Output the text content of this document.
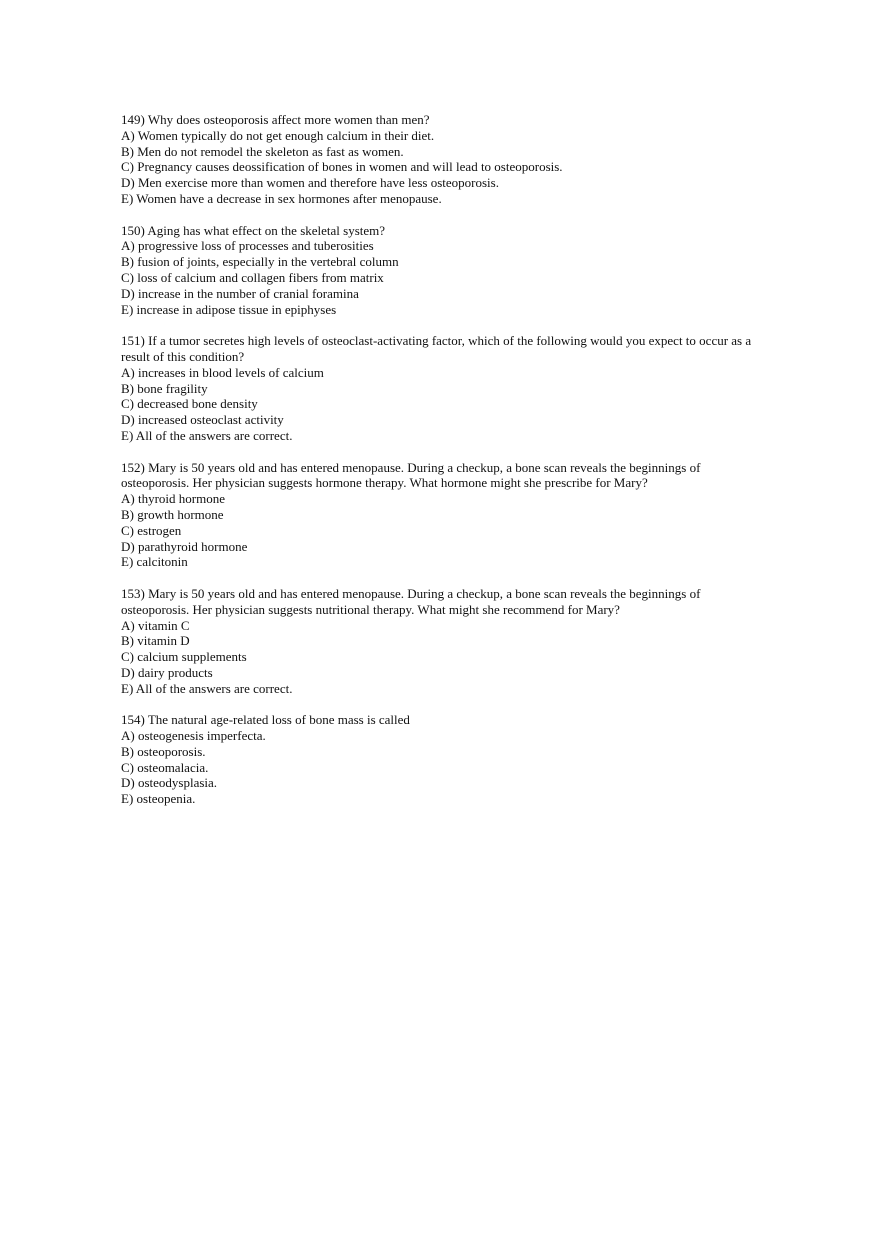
149) Why does osteoporosis affect more women than men?

A) Women typically do not get enough calcium in their diet.

B) Men do not remodel the skeleton as fast as women.

C) Pregnancy causes deossification of bones in women and will lead to osteoporosis.

D) Men exercise more than women and therefore have less osteoporosis.

E) Women have a decrease in sex hormones after menopause.

150) Aging has what effect on the skeletal system?

A) progressive loss of processes and tuberosities

B) fusion of joints, especially in the vertebral column

C) loss of calcium and collagen fibers from matrix

D) increase in the number of cranial foramina

E) increase in adipose tissue in epiphyses

151) If a tumor secretes high levels of osteoclast-activating factor, which of the following would you expect to occur as a result of this condition?

A) increases in blood levels of calcium

B) bone fragility

C) decreased bone density

D) increased osteoclast activity

E) All of the answers are correct.

152) Mary is 50 years old and has entered menopause. During a checkup, a bone scan reveals the beginnings of osteoporosis. Her physician suggests hormone therapy. What hormone might she prescribe for Mary?

A) thyroid hormone

B) growth hormone

C) estrogen

D) parathyroid hormone

E) calcitonin

153) Mary is 50 years old and has entered menopause. During a checkup, a bone scan reveals the beginnings of osteoporosis. Her physician suggests nutritional therapy. What might she recommend for Mary?

A) vitamin C

B) vitamin D

C) calcium supplements

D) dairy products

E) All of the answers are correct.

154) The natural age-related loss of bone mass is called

A) osteogenesis imperfecta.

B) osteoporosis.

C) osteomalacia.

D) osteodysplasia.

E) osteopenia.
